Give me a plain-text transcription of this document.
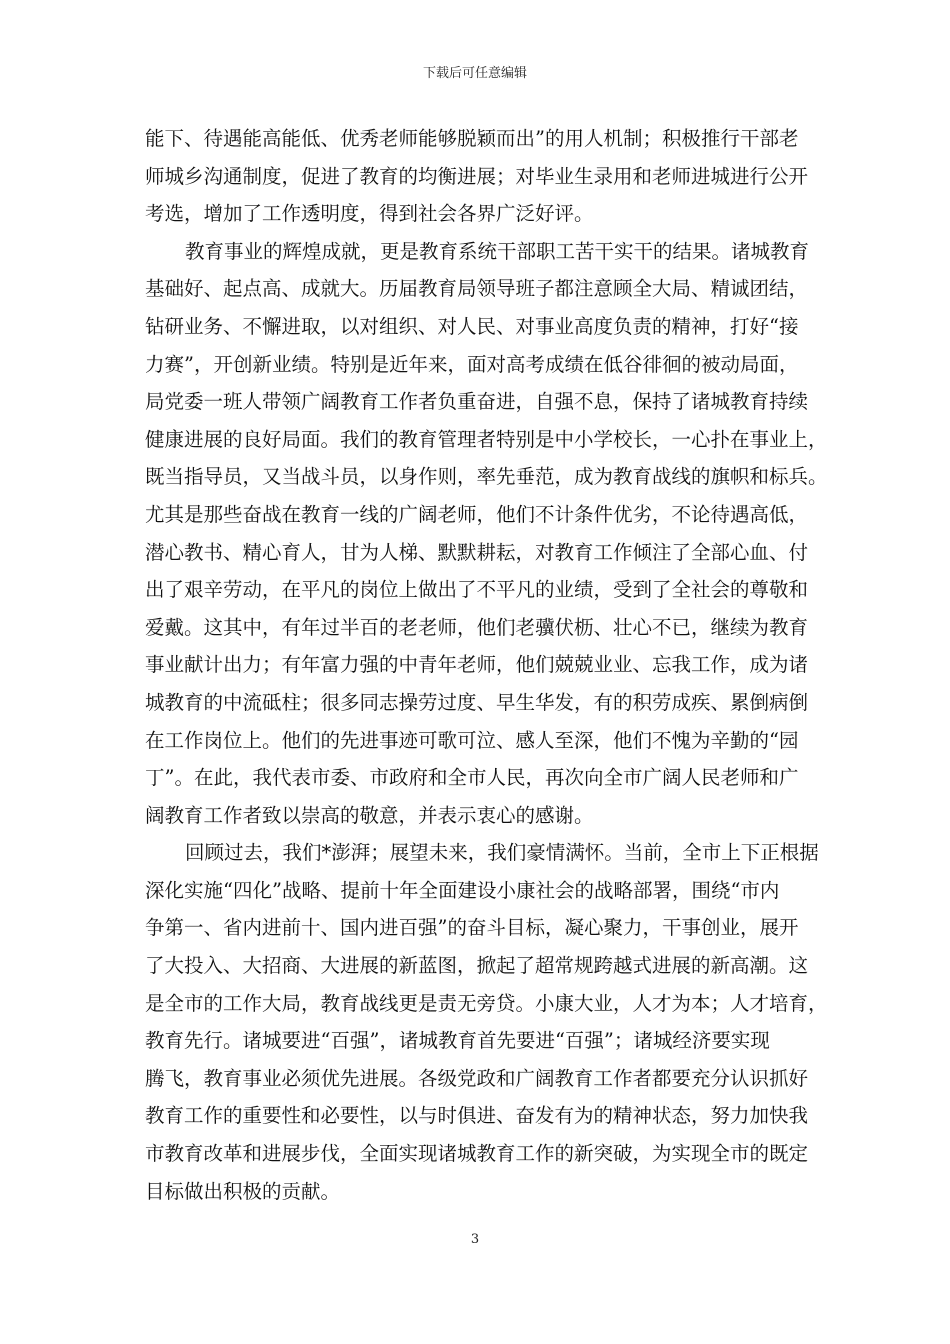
下载后可任意编辑
能下、待遇能高能低、优秀老师能够脱颖而出”的用人机制；积极推行干部老
师城乡沟通制度，促进了教育的均衡进展；对毕业生录用和老师进城进行公开
考选，增加了工作透明度，得到社会各界广泛好评。
教育事业的辉煌成就，更是教育系统干部职工苦干实干的结果。诸城教育
基础好、起点高、成就大。历届教育局领导班子都注意顾全大局、精诚团结，
钻研业务、不懈进取，以对组织、对人民、对事业高度负责的精神，打好“接
力赛”，开创新业绩。特别是近年来，面对高考成绩在低谷徘徊的被动局面，
局党委一班人带领广阔教育工作者负重奋进，自强不息，保持了诸城教育持续
健康进展的良好局面。我们的教育管理者特别是中小学校长，一心扑在事业上，
既当指导员，又当战斗员，以身作则，率先垂范，成为教育战线的旗帜和标兵。
尤其是那些奋战在教育一线的广阔老师，他们不计条件优劣，不论待遇高低，
潜心教书、精心育人，甘为人梯、默默耕耘，对教育工作倾注了全部心血、付
出了艰辛劳动，在平凡的岗位上做出了不平凡的业绩，受到了全社会的尊敬和
爱戴。这其中，有年过半百的老老师，他们老骥伏枥、壮心不已，继续为教育
事业献计出力；有年富力强的中青年老师，他们兢兢业业、忘我工作，成为诸
城教育的中流砥柱；很多同志操劳过度、早生华发，有的积劳成疾、累倒病倒
在工作岗位上。他们的先进事迹可歌可泣、感人至深，他们不愧为辛勤的“园
丁”。在此，我代表市委、市政府和全市人民，再次向全市广阔人民老师和广
阔教育工作者致以崇高的敬意，并表示衷心的感谢。
回顾过去，我们*澎湃；展望未来，我们豪情满怀。当前，全市上下正根据
深化实施“四化”战略、提前十年全面建设小康社会的战略部署，围绕“市内
争第一、省内进前十、国内进百强”的奋斗目标，凝心聚力，干事创业，展开
了大投入、大招商、大进展的新蓝图，掀起了超常规跨越式进展的新高潮。这
是全市的工作大局，教育战线更是责无旁贷。小康大业，人才为本；人才培育，
教育先行。诸城要进“百强”，诸城教育首先要进“百强”；诸城经济要实现
腾飞，教育事业必须优先进展。各级党政和广阔教育工作者都要充分认识抓好
教育工作的重要性和必要性，以与时俱进、奋发有为的精神状态，努力加快我
市教育改革和进展步伐，全面实现诸城教育工作的新突破，为实现全市的既定
目标做出积极的贡献。
3
